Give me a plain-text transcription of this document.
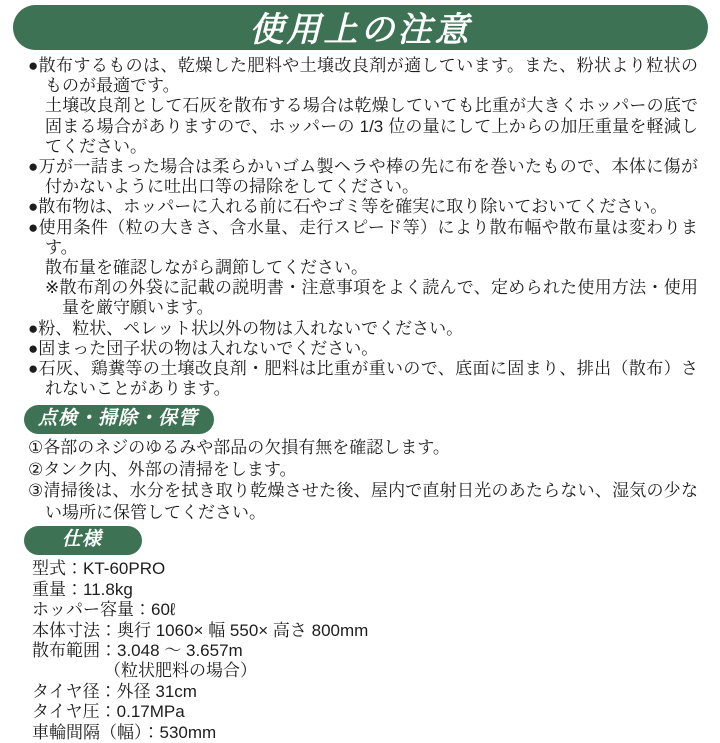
使用上の注意
●散布するものは、乾燥した肥料や土壌改良剤が適しています。また、粉状より粒状のものが最適です。
土壌改良剤として石灰を散布する場合は乾燥していても比重が大きくホッパーの底で固まる場合がありますので、ホッパーの 1/3 位の量にして上からの加圧重量を軽減してください。
●万が一詰まった場合は柔らかいゴム製ヘラや棒の先に布を巻いたもので、本体に傷が付かないように吐出口等の掃除をしてください。
●散布物は、ホッパーに入れる前に石やゴミ等を確実に取り除いておいてください。
●使用条件（粒の大きさ、含水量、走行スピード等）により散布幅や散布量は変わります。
散布量を確認しながら調節してください。
※散布剤の外袋に記載の説明書・注意事項をよく読んで、定められた使用方法・使用量を厳守願います。
●粉、粒状、ペレット状以外の物は入れないでください。
●固まった団子状の物は入れないでください。
●石灰、鶏糞等の土壌改良剤・肥料は比重が重いので、底面に固まり、排出（散布）されないことがあります。
点検・掃除・保管
①各部のネジのゆるみや部品の欠損有無を確認します。
②タンク内、外部の清掃をします。
③清掃後は、水分を拭き取り乾燥させた後、屋内で直射日光のあたらない、湿気の少ない場所に保管してください。
仕様
型式：KT-60PRO
重量：11.8kg
ホッパー容量：60ℓ
本体寸法：奥行 1060× 幅 550× 高さ 800mm
散布範囲：3.048 ～ 3.657m
（粒状肥料の場合）
タイヤ径：外径 31cm
タイヤ圧：0.17MPa
車輪間隔（幅）：530mm
